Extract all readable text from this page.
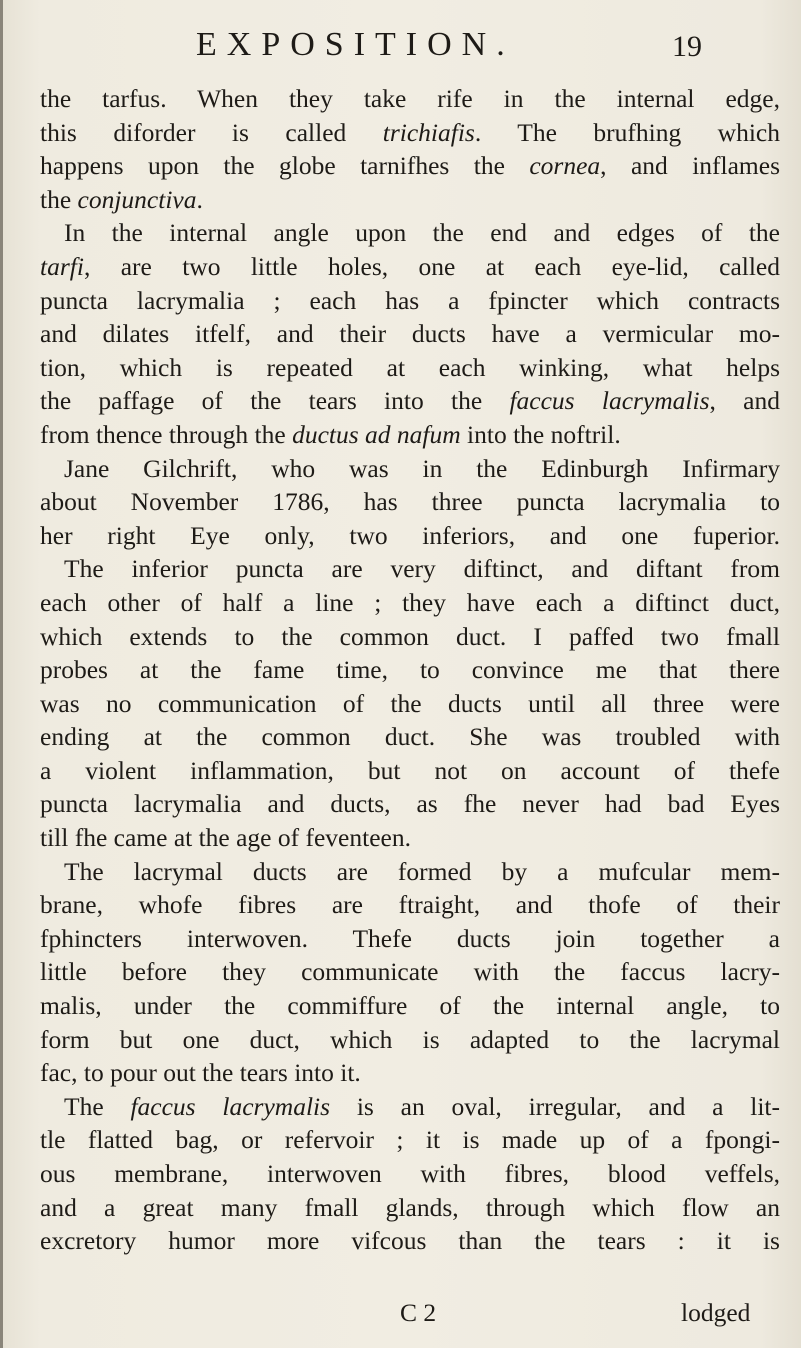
EXPOSITION.	19
the tarfus. When they take rife in the internal edge,
this diforder is called trichiafis. The brufhing which
happens upon the globe tarnifhes the cornea, and inflames
the conjunctiva.
In the internal angle upon the end and edges of the
tarfi, are two little holes, one at each eye-lid, called
puncta lacrymalia ; each has a fpincter which contracts
and dilates itfelf, and their ducts have a vermicular mo-
tion, which is repeated at each winking, what helps
the paffage of the tears into the faccus lacrymalis, and
from thence through the ductus ad nafum into the noftril.
Jane Gilchrift, who was in the Edinburgh Infirmary
about November 1786, has three puncta lacrymalia to
her right Eye only, two inferiors, and one fuperior.
The inferior puncta are very diftinct, and diftant from
each other of half a line ; they have each a diftinct duct,
which extends to the common duct. I paffed two fmall
probes at the fame time, to convince me that there
was no communication of the ducts until all three were
ending at the common duct. She was troubled with
a violent inflammation, but not on account of thefe
puncta lacrymalia and ducts, as fhe never had bad Eyes
till fhe came at the age of feventeen.
The lacrymal ducts are formed by a mufcular mem-
brane, whofe fibres are ftraight, and thofe of their
fphincters interwoven. Thefe ducts join together a
little before they communicate with the faccus lacry-
malis, under the commiffure of the internal angle, to
form but one duct, which is adapted to the lacrymal
fac, to pour out the tears into it.
The faccus lacrymalis is an oval, irregular, and a lit-
tle flatted bag, or refervoir ; it is made up of a fpongi-
ous membrane, interwoven with fibres, blood veffels,
and a great many fmall glands, through which flow an
excretory humor more vifcous than the tears : it is
C 2	lodged
